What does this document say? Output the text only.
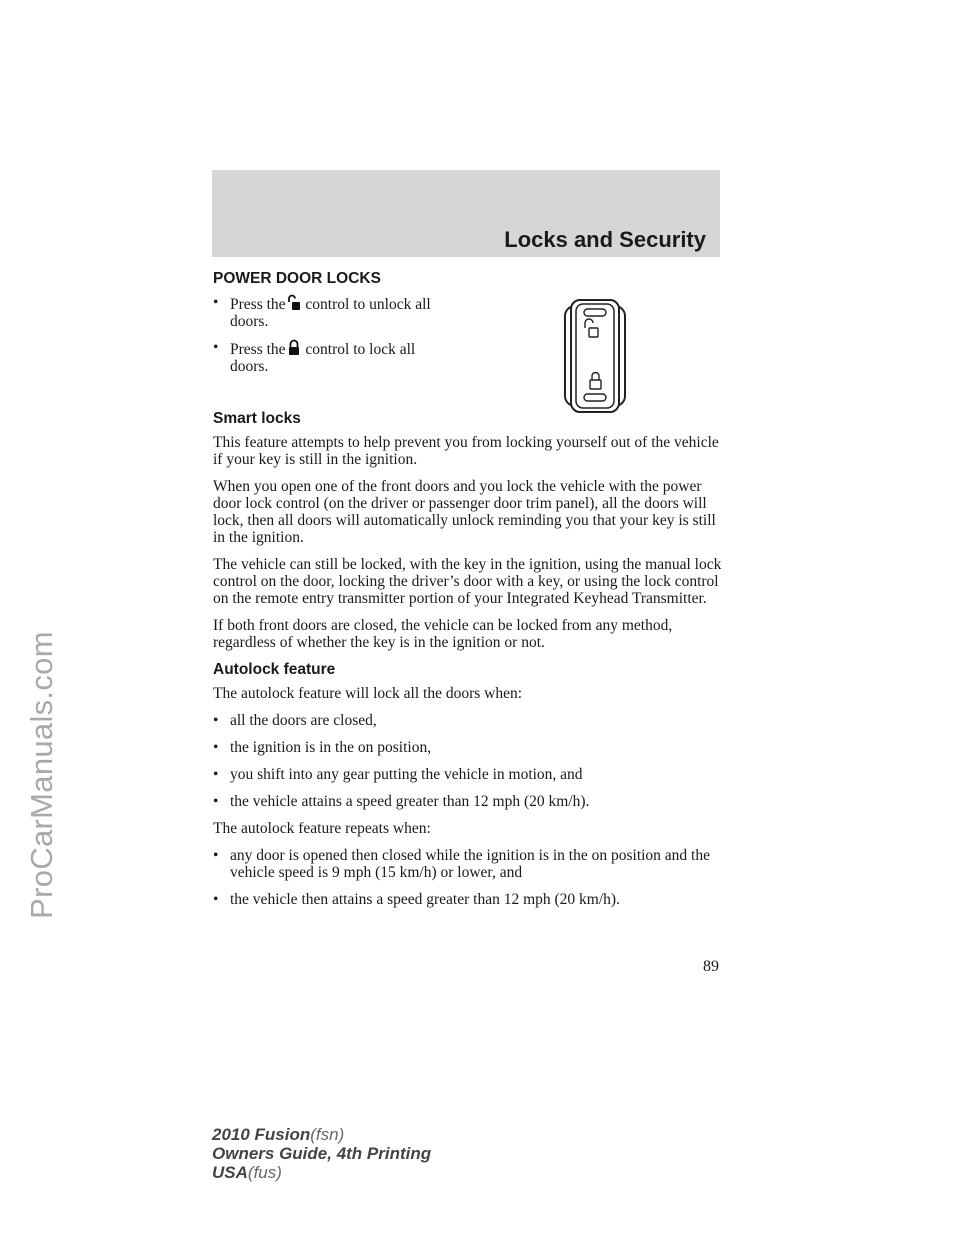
ProCarManuals.com
Locks and Security
POWER DOOR LOCKS
• Press the control to unlock all
doors.
• Press the control to lock all
doors.
Smart locks

This feature attempts to help prevent you from locking yourself out of the vehicle if your key is still in the ignition.

When you open one of the front doors and you lock the vehicle with the power door lock control (on the driver or passenger door trim panel), all the doors will lock, then all doors will automatically unlock reminding you that your key is still in the ignition.

The vehicle can still be locked, with the key in the ignition, using the manual lock control on the door, locking the driver’s door with a key, or using the lock control on the remote entry transmitter portion of your Integrated Keyhead Transmitter.

If both front doors are closed, the vehicle can be locked from any method, regardless of whether the key is in the ignition or not.

Autolock feature

The autolock feature will lock all the doors when:

• all the doors are closed,
• the ignition is in the on position,
• you shift into any gear putting the vehicle in motion, and
• the vehicle attains a speed greater than 12 mph (20 km/h).

The autolock feature repeats when:

• any door is opened then closed while the ignition is in the on position and the vehicle speed is 9 mph (15 km/h) or lower, and
• the vehicle then attains a speed greater than 12 mph (20 km/h).
89
2010 Fusion(fsn)
Owners Guide, 4th Printing
USA(fus)
